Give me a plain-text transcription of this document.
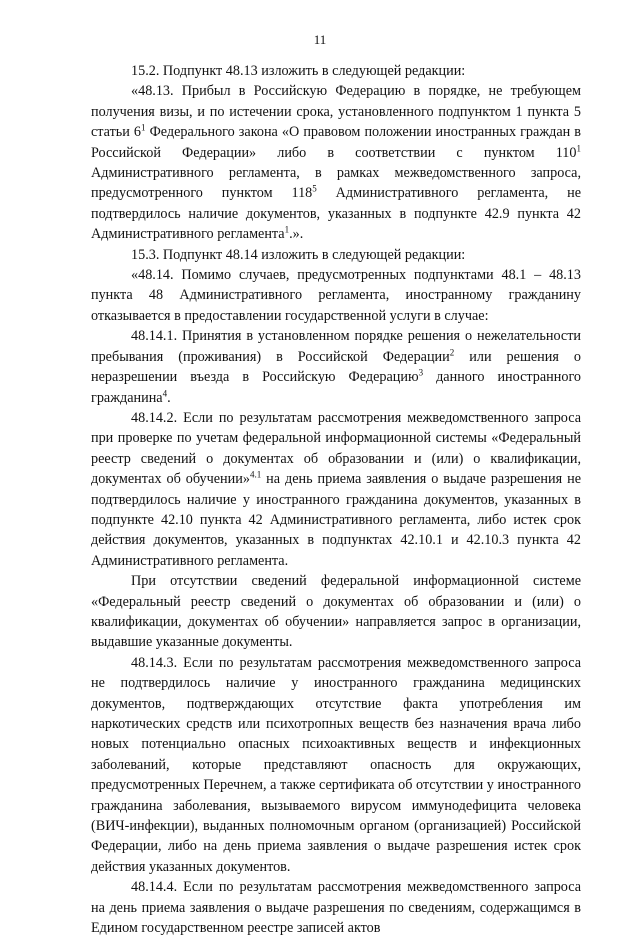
11

15.2. Подпункт 48.13 изложить в следующей редакции:

«48.13. Прибыл в Российскую Федерацию в порядке, не требующем получения визы, и по истечении срока, установленного подпунктом 1 пункта 5 статьи $6^1$ Федерального закона «О правовом положении иностранных граждан в Российской Федерации» либо в соответствии с пунктом $110^1$ Административного регламента, в рамках межведомственного запроса, предусмотренного пунктом $118^5$ Административного регламента, не подтвердилось наличие документов, указанных в подпункте 42.9 пункта 42 Административного регламента$^1$.».

15.3. Подпункт 48.14 изложить в следующей редакции:

«48.14. Помимо случаев, предусмотренных подпунктами 48.1 – 48.13 пункта 48 Административного регламента, иностранному гражданину отказывается в предоставлении государственной услуги в случае:

48.14.1. Принятия в установленном порядке решения о нежелательности пребывания (проживания) в Российской Федерации$^2$ или решения о неразрешении въезда в Российскую Федерацию$^3$ данного иностранного гражданина$^4$.

48.14.2. Если по результатам рассмотрения межведомственного запроса при проверке по учетам федеральной информационной системы «Федеральный реестр сведений о документах об образовании и (или) о квалификации, документах об обучении»$^{4.1}$ на день приема заявления о выдаче разрешения не подтвердилось наличие у иностранного гражданина документов, указанных в подпункте 42.10 пункта 42 Административного регламента, либо истек срок действия документов, указанных в подпунктах 42.10.1 и 42.10.3 пункта 42 Административного регламента.

При отсутствии сведений федеральной информационной системе «Федеральный реестр сведений о документах об образовании и (или) о квалификации, документах об обучении» направляется запрос в организации, выдавшие указанные документы.

48.14.3. Если по результатам рассмотрения межведомственного запроса не подтвердилось наличие у иностранного гражданина медицинских документов, подтверждающих отсутствие факта употребления им наркотических средств или психотропных веществ без назначения врача либо новых потенциально опасных психоактивных веществ и инфекционных заболеваний, которые представляют опасность для окружающих, предусмотренных Перечнем, а также сертификата об отсутствии у иностранного гражданина заболевания, вызываемого вирусом иммунодефицита человека (ВИЧ-инфекции), выданных полномочным органом (организацией) Российской Федерации, либо на день приема заявления о выдаче разрешения истек срок действия указанных документов.

48.14.4. Если по результатам рассмотрения межведомственного запроса на день приема заявления о выдаче разрешения по сведениям, содержащимся в Едином государственном реестре записей актов
